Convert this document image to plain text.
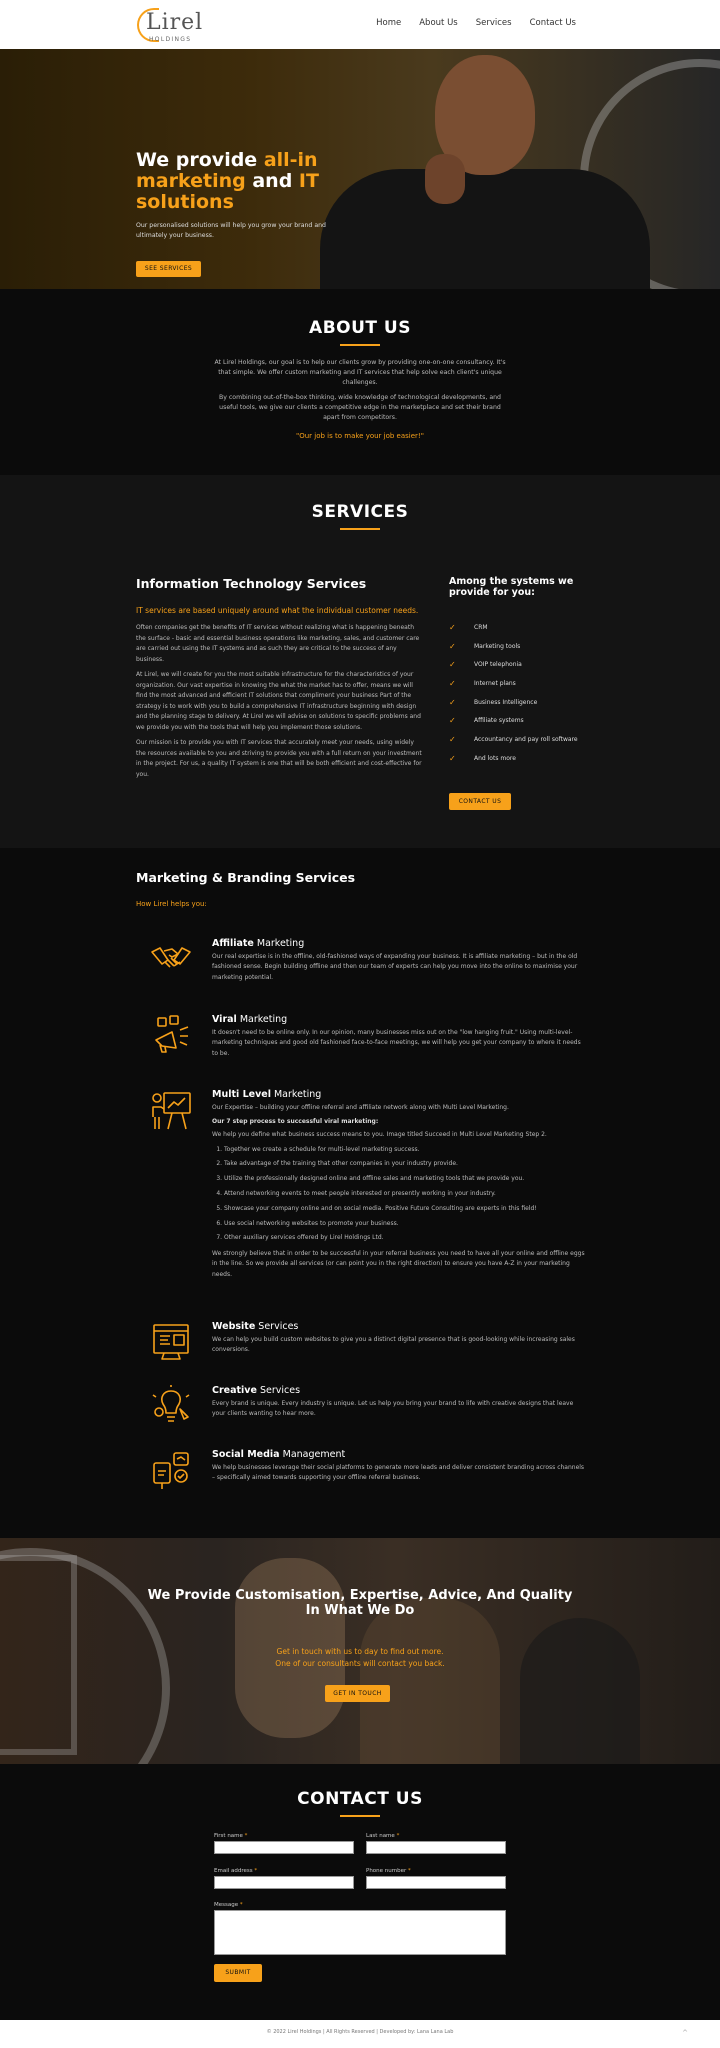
Lirel
HOLDINGS
Home About Us Services Contact Us
We provide all-in marketing and IT solutions

Our personalised solutions will help you grow your brand and ultimately your business.

SEE SERVICES
ABOUT US

At Lirel Holdings, our goal is to help our clients grow by providing one-on-one consultancy. It's that simple. We offer custom marketing and IT services that help solve each client's unique challenges.

By combining out-of-the-box thinking, wide knowledge of technological developments, and useful tools, we give our clients a competitive edge in the marketplace and set their brand apart from competitors.

"Our job is to make your job easier!"

SERVICES
Information Technology Services
IT services are based uniquely around what the individual customer needs.

Often companies get the benefits of IT services without realizing what is happening beneath the surface - basic and essential business operations like marketing, sales, and customer care are carried out using the IT systems and as such they are critical to the success of any business.

At Lirel, we will create for you the most suitable infrastructure for the characteristics of your organization. Our vast expertise in knowing the what the market has to offer, means we will find the most advanced and efficient IT solutions that compliment your business Part of the strategy is to work with you to build a comprehensive IT infrastructure beginning with design and the planning stage to delivery. At Lirel we will advise on solutions to specific problems and we provide you with the tools that will help you implement those solutions.

Our mission is to provide you with IT services that accurately meet your needs, using widely the resources available to you and striving to provide you with a full return on your investment in the project. For us, a quality IT system is one that will be both efficient and cost-effective for you.

Among the systems we provide for you:
✓	CRM
✓	Marketing tools
✓	VOIP telephonia
✓	Internet plans
✓	Business Intelligence
✓	Affiliate systems
✓	Accountancy and pay roll software
✓	And lots more
CONTACT US
Marketing & Branding Services
How Lirel helps you:
Affiliate Marketing

Our real expertise is in the offline, old-fashioned ways of expanding your business. It is affiliate marketing – but in the old fashioned sense. Begin building offline and then our team of experts can help you move into the online to maximise your marketing potential.

Viral Marketing

It doesn't need to be online only. In our opinion, many businesses miss out on the "low hanging fruit." Using multi-level-marketing techniques and good old fashioned face-to-face meetings, we will help you get your company to where it needs to be.

Multi Level Marketing

Our Expertise – building your offline referral and affiliate network along with Multi Level Marketing.

Our 7 step process to successful viral marketing:

We help you define what business success means to you. Image titled Succeed in Multi Level Marketing Step 2.

1. Together we create a schedule for multi-level marketing success.
2. Take advantage of the training that other companies in your industry provide.
3. Utilize the professionally designed online and offline sales and marketing tools that we provide you.
4. Attend networking events to meet people interested or presently working in your industry.
5. Showcase your company online and on social media. Positive Future Consulting are experts in this field!
6. Use social networking websites to promote your business.
7. Other auxiliary services offered by Lirel Holdings Ltd.

We strongly believe that in order to be successful in your referral business you need to have all your online and offline eggs in the line. So we provide all services (or can point you in the right direction) to ensure you have A-Z in your marketing needs.

Website Services

We can help you build custom websites to give you a distinct digital presence that is good-looking while increasing sales conversions.

Creative Services

Every brand is unique. Every industry is unique. Let us help you bring your brand to life with creative designs that leave your clients wanting to hear more.

Social Media Management

We help businesses leverage their social platforms to generate more leads and deliver consistent branding across channels – specifically aimed towards supporting your offline referral business.

We Provide Customisation, Expertise, Advice, And Quality
In What We Do

Get in touch with us to day to find out more.
One of our consultants will contact you back.

GET IN TOUCH
CONTACT US
First name *	Last name *
Email address *	Phone number *
Message *
SUBMIT
© 2022 Lirel Holdings | All Rights Reserved | Developed by: Lana Lana Lab	^
